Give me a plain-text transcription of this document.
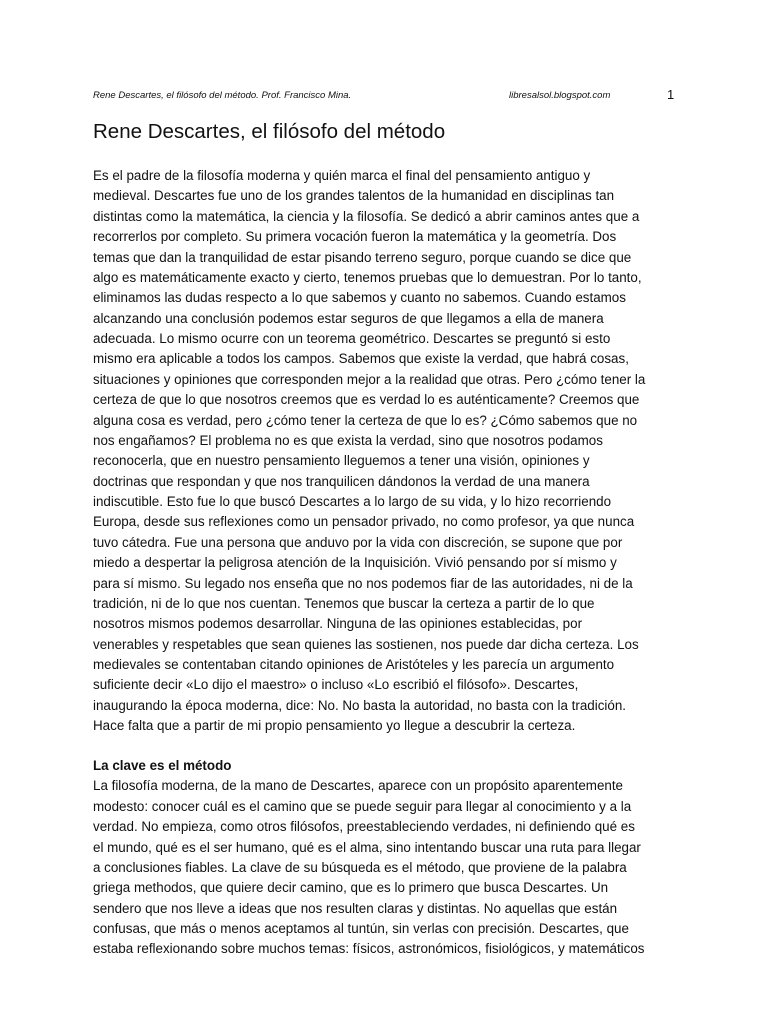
Rene Descartes, el filósofo del método. Prof. Francisco Mina.	libresalsol.blogspot.com	1
Rene Descartes, el filósofo del método
Es el padre de la filosofía moderna y quién marca el final del pensamiento antiguo y
medieval. Descartes fue uno de los grandes talentos de la humanidad en disciplinas tan
distintas como la matemática, la ciencia y la filosofía. Se dedicó a abrir caminos antes que a
recorrerlos por completo. Su primera vocación fueron la matemática y la geometría. Dos
temas que dan la tranquilidad de estar pisando terreno seguro, porque cuando se dice que
algo es matemáticamente exacto y cierto, tenemos pruebas que lo demuestran. Por lo tanto,
eliminamos las dudas respecto a lo que sabemos y cuanto no sabemos. Cuando estamos
alcanzando una conclusión podemos estar seguros de que llegamos a ella de manera
adecuada. Lo mismo ocurre con un teorema geométrico. Descartes se preguntó si esto
mismo era aplicable a todos los campos. Sabemos que existe la verdad, que habrá cosas,
situaciones y opiniones que corresponden mejor a la realidad que otras. Pero ¿cómo tener la
certeza de que lo que nosotros creemos que es verdad lo es auténticamente? Creemos que
alguna cosa es verdad, pero ¿cómo tener la certeza de que lo es? ¿Cómo sabemos que no
nos engañamos? El problema no es que exista la verdad, sino que nosotros podamos
reconocerla, que en nuestro pensamiento lleguemos a tener una visión, opiniones y
doctrinas que respondan y que nos tranquilicen dándonos la verdad de una manera
indiscutible. Esto fue lo que buscó Descartes a lo largo de su vida, y lo hizo recorriendo
Europa, desde sus reflexiones como un pensador privado, no como profesor, ya que nunca
tuvo cátedra. Fue una persona que anduvo por la vida con discreción, se supone que por
miedo a despertar la peligrosa atención de la Inquisición. Vivió pensando por sí mismo y
para sí mismo. Su legado nos enseña que no nos podemos fiar de las autoridades, ni de la
tradición, ni de lo que nos cuentan. Tenemos que buscar la certeza a partir de lo que
nosotros mismos podemos desarrollar. Ninguna de las opiniones establecidas, por
venerables y respetables que sean quienes las sostienen, nos puede dar dicha certeza. Los
medievales se contentaban citando opiniones de Aristóteles y les parecía un argumento
suficiente decir «Lo dijo el maestro» o incluso «Lo escribió el filósofo». Descartes,
inaugurando la época moderna, dice: No. No basta la autoridad, no basta con la tradición.
Hace falta que a partir de mi propio pensamiento yo llegue a descubrir la certeza.
La clave es el método
La filosofía moderna, de la mano de Descartes, aparece con un propósito aparentemente
modesto: conocer cuál es el camino que se puede seguir para llegar al conocimiento y a la
verdad. No empieza, como otros filósofos, preestableciendo verdades, ni definiendo qué es
el mundo, qué es el ser humano, qué es el alma, sino intentando buscar una ruta para llegar
a conclusiones fiables. La clave de su búsqueda es el método, que proviene de la palabra
griega methodos, que quiere decir camino, que es lo primero que busca Descartes. Un
sendero que nos lleve a ideas que nos resulten claras y distintas. No aquellas que están
confusas, que más o menos aceptamos al tuntún, sin verlas con precisión. Descartes, que
estaba reflexionando sobre muchos temas: físicos, astronómicos, fisiológicos, y matemáticos
